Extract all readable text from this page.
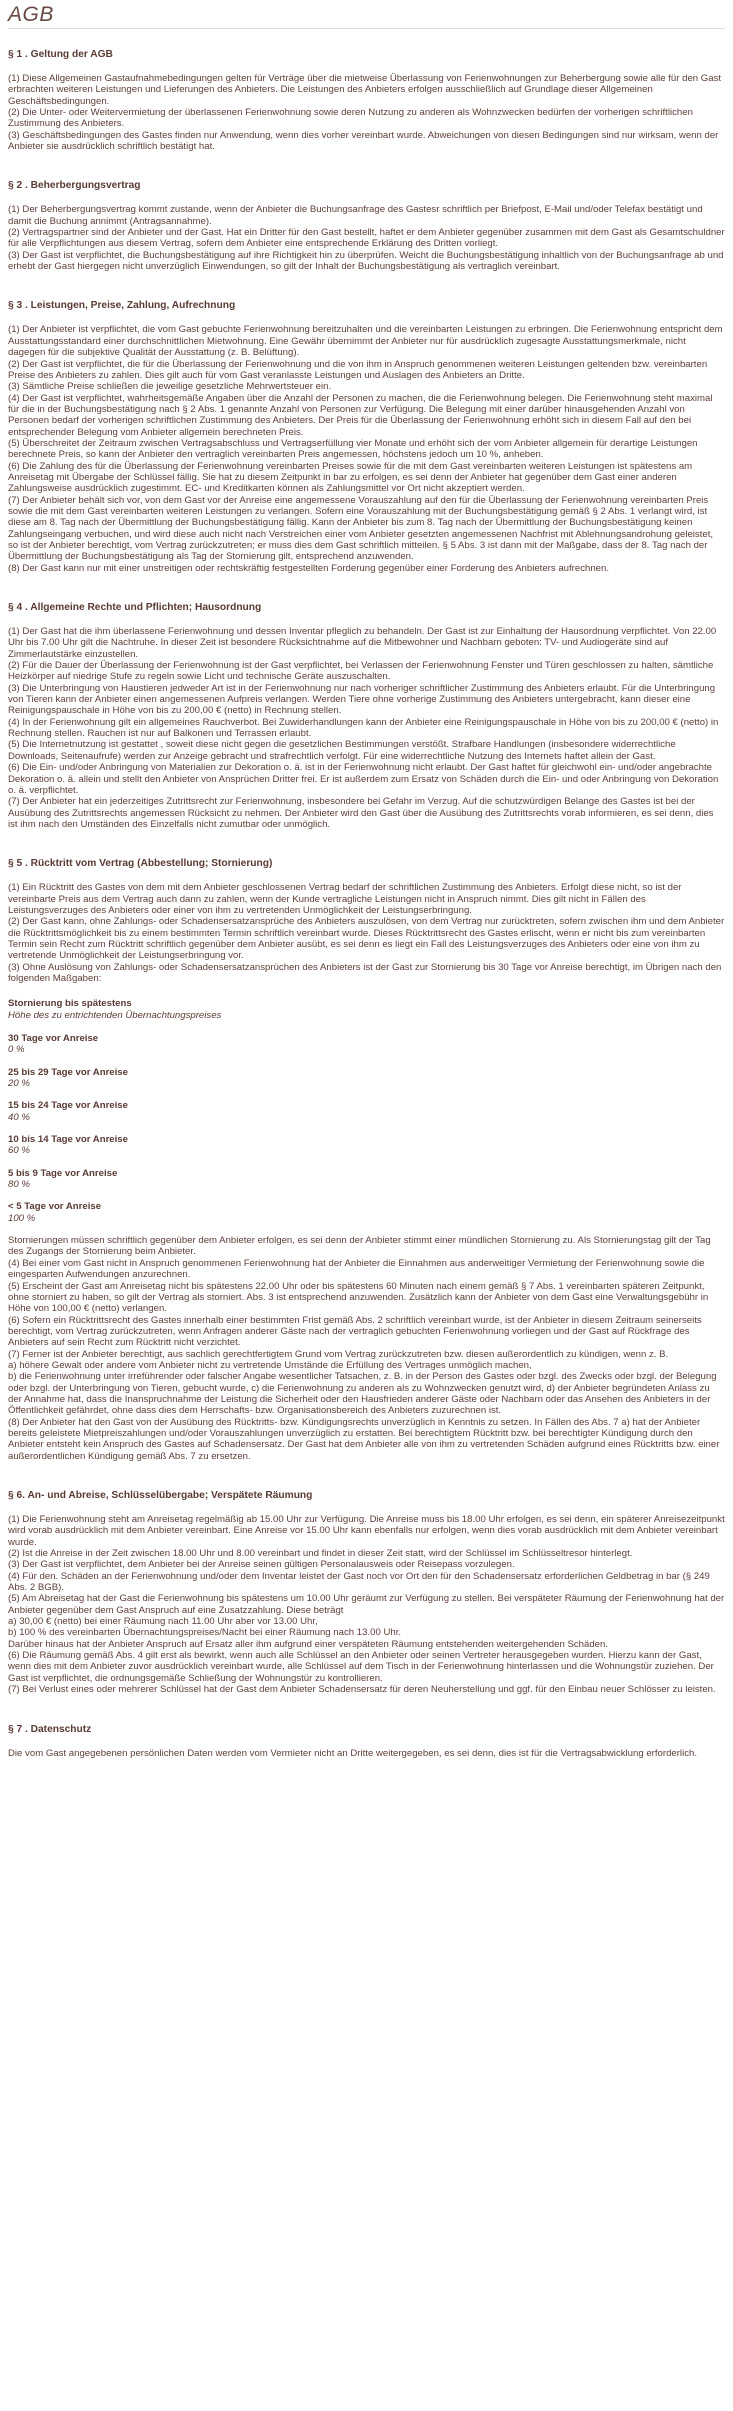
AGB
§ 1 . Geltung der AGB

(1) Diese Allgemeinen Gastaufnahmebedingungen gelten für Verträge über die mietweise Überlassung von Ferienwohnungen zur Beherbergung sowie alle für den Gast erbrachten weiteren Leistungen und Lieferungen des Anbieters. Die Leistungen des Anbieters erfolgen ausschließlich auf Grundlage dieser Allgemeinen Geschäftsbedingungen.

(2) Die Unter- oder Weitervermietung der überlassenen Ferienwohnung sowie deren Nutzung zu anderen als Wohnzwecken bedürfen der vorherigen schriftlichen Zustimmung des Anbieters.

(3) Geschäftsbedingungen des Gastes finden nur Anwendung, wenn dies vorher vereinbart wurde. Abweichungen von diesen Bedingungen sind nur wirksam, wenn der Anbieter sie ausdrücklich schriftlich bestätigt hat.

§ 2 . Beherbergungsvertrag

(1) Der Beherbergungsvertrag kommt zustande, wenn der Anbieter die Buchungsanfrage des Gastesr schriftlich per Briefpost, E-Mail und/oder Telefax bestätigt und damit die Buchung annimmt (Antragsannahme).

(2) Vertragspartner sind der Anbieter und der Gast. Hat ein Dritter für den Gast bestellt, haftet er dem Anbieter gegenüber zusammen mit dem Gast als Gesamtschuldner für alle Verpflichtungen aus diesem Vertrag, sofern dem Anbieter eine entsprechende Erklärung des Dritten vorliegt.

(3) Der Gast ist verpflichtet, die Buchungsbestätigung auf ihre Richtigkeit hin zu überprüfen. Weicht die Buchungsbestätigung inhaltlich von der Buchungsanfrage ab und erhebt der Gast hiergegen nicht unverzüglich Einwendungen, so gilt der Inhalt der Buchungsbestätigung als vertraglich vereinbart.

§ 3 . Leistungen, Preise, Zahlung, Aufrechnung

(1) Der Anbieter ist verpflichtet, die vom Gast gebuchte Ferienwohnung bereitzuhalten und die vereinbarten Leistungen zu erbringen. Die Ferienwohnung entspricht dem Ausstattungsstandard einer durchschnittlichen Mietwohnung. Eine Gewähr übernimmt der Anbieter nur für ausdrücklich zugesagte Ausstattungsmerkmale, nicht dagegen für die subjektive Qualität der Ausstattung (z. B. Belüftung).

(2) Der Gast ist verpflichtet, die für die Überlassung der Ferienwohnung und die von ihm in Anspruch genommenen weiteren Leistungen geltenden bzw. vereinbarten Preise des Anbieters zu zahlen. Dies gilt auch für vom Gast veranlasste Leistungen und Auslagen des Anbieters an Dritte.

(3) Sämtliche Preise schließen die jeweilige gesetzliche Mehrwertsteuer ein.

(4) Der Gast ist verpflichtet, wahrheitsgemäße Angaben über die Anzahl der Personen zu machen, die die Ferienwohnung belegen. Die Ferienwohnung steht maximal für die in der Buchungsbestätigung nach § 2 Abs. 1 genannte Anzahl von Personen zur Verfügung. Die Belegung mit einer darüber hinausgehenden Anzahl von Personen bedarf der vorherigen schriftlichen Zustimmung des Anbieters. Der Preis für die Überlassung der Ferienwohnung erhöht sich in diesem Fall auf den bei entsprechender Belegung vom Anbieter allgemein berechneten Preis.

(5) Überschreitet der Zeitraum zwischen Vertragsabschluss und Vertragserfüllung vier Monate und erhöht sich der vom Anbieter allgemein für derartige Leistungen berechnete Preis, so kann der Anbieter den vertraglich vereinbarten Preis angemessen, höchstens jedoch um 10 %, anheben.

(6) Die Zahlung des für die Überlassung der Ferienwohnung vereinbarten Preises sowie für die mit dem Gast vereinbarten weiteren Leistungen ist spätestens am Anreisetag mit Übergabe der Schlüssel fällig. Sie hat zu diesem Zeitpunkt in bar zu erfolgen, es sei denn der Anbieter hat gegenüber dem Gast einer anderen Zahlungsweise ausdrücklich zugestimmt. EC- und Kreditkarten können als Zahlungsmittel vor Ort nicht akzeptiert werden.

(7) Der Anbieter behält sich vor, von dem Gast vor der Anreise eine angemessene Vorauszahlung auf den für die Überlassung der Ferienwohnung vereinbarten Preis sowie die mit dem Gast vereinbarten weiteren Leistungen zu verlangen. Sofern eine Vorauszahlung mit der Buchungsbestätigung gemäß § 2 Abs. 1 verlangt wird, ist diese am 8. Tag nach der Übermittlung der Buchungsbestätigung fällig. Kann der Anbieter bis zum 8. Tag nach der Übermittlung der Buchungsbestätigung keinen Zahlungseingang verbuchen, und wird diese auch nicht nach Verstreichen einer vom Anbieter gesetzten angemessenen Nachfrist mit Ablehnungsandrohung geleistet, so ist der Anbieter berechtigt, vom Vertrag zurückzutreten; er muss dies dem Gast schriftlich mitteilen. § 5 Abs. 3 ist dann mit der Maßgabe, dass der 8. Tag nach der Übermittlung der Buchungsbestätigung als Tag der Stornierung gilt, entsprechend anzuwenden.

(8) Der Gast kann nur mit einer unstreitigen oder rechtskräftig festgestellten Forderung gegenüber einer Forderung des Anbieters aufrechnen.

§ 4 . Allgemeine Rechte und Pflichten; Hausordnung

(1) Der Gast hat die ihm überlassene Ferienwohnung und dessen Inventar pfleglich zu behandeln. Der Gast ist zur Einhaltung der Hausordnung verpflichtet. Von 22.00 Uhr bis 7.00 Uhr gilt die Nachtruhe. In dieser Zeit ist besondere Rücksichtnahme auf die Mitbewohner und Nachbarn geboten: TV- und Audiogeräte sind auf Zimmerlautstärke einzustellen.

(2) Für die Dauer der Überlassung der Ferienwohnung ist der Gast verpflichtet, bei Verlassen der Ferienwohnung Fenster und Türen geschlossen zu halten, sämtliche Heizkörper auf niedrige Stufe zu regeln sowie Licht und technische Geräte auszuschalten.

(3) Die Unterbringung von Haustieren jedweder Art ist in der Ferienwohnung nur nach vorheriger schriftlicher Zustimmung des Anbieters erlaubt. Für die Unterbringung von Tieren kann der Anbieter einen angemessenen Aufpreis verlangen. Werden Tiere ohne vorherige Zustimmung des Anbieters untergebracht, kann dieser eine Reinigungspauschale in Höhe von bis zu 200,00 € (netto) in Rechnung stellen.

(4) In der Ferienwohnung gilt ein allgemeines Rauchverbot. Bei Zuwiderhandlungen kann der Anbieter eine Reinigungspauschale in Höhe von bis zu 200,00 € (netto) in Rechnung stellen. Rauchen ist nur auf Balkonen und Terrassen erlaubt.

(5) Die Internetnutzung ist gestattet , soweit diese nicht gegen die gesetzlichen Bestimmungen verstößt. Strafbare Handlungen (insbesondere widerrechtliche Downloads, Seitenaufrufe) werden zur Anzeige gebracht und strafrechtlich verfolgt. Für eine widerrechtliche Nutzung des Internets haftet allein der Gast.

(6) Die Ein- und/oder Anbringung von Materialien zur Dekoration o. ä. ist in der Ferienwohnung nicht erlaubt. Der Gast haftet für gleichwohl ein- und/oder angebrachte Dekoration o. ä. allein und stellt den Anbieter von Ansprüchen Dritter frei. Er ist außerdem zum Ersatz von Schäden durch die Ein- und oder Anbringung von Dekoration o. ä. verpflichtet.

(7) Der Anbieter hat ein jederzeitiges Zutrittsrecht zur Ferienwohnung, insbesondere bei Gefahr im Verzug. Auf die schutzwürdigen Belange des Gastes ist bei der Ausübung des Zutrittsrechts angemessen Rücksicht zu nehmen. Der Anbieter wird den Gast über die Ausübung des Zutrittsrechts vorab informieren, es sei denn, dies ist ihm nach den Umständen des Einzelfalls nicht zumutbar oder unmöglich.

§ 5 . Rücktritt vom Vertrag (Abbestellung; Stornierung)

(1) Ein Rücktritt des Gastes von dem mit dem Anbieter geschlossenen Vertrag bedarf der schriftlichen Zustimmung des Anbieters. Erfolgt diese nicht, so ist der vereinbarte Preis aus dem Vertrag auch dann zu zahlen, wenn der Kunde vertragliche Leistungen nicht in Anspruch nimmt. Dies gilt nicht in Fällen des Leistungsverzuges des Anbieters oder einer von ihm zu vertretenden Unmöglichkeit der Leistungserbringung.

(2) Der Gast kann, ohne Zahlungs- oder Schadensersatzansprüche des Anbieters auszulösen, von dem Vertrag nur zurücktreten, sofern zwischen ihm und dem Anbieter die Rücktrittsmöglichkeit bis zu einem bestimmten Termin schriftlich vereinbart wurde. Dieses Rücktrittsrecht des Gastes erlischt, wenn er nicht bis zum vereinbarten Termin sein Recht zum Rücktritt schriftlich gegenüber dem Anbieter ausübt, es sei denn es liegt ein Fall des Leistungsverzuges des Anbieters oder eine von ihm zu vertretende Unmöglichkeit der Leistungserbringung vor.

(3) Ohne Auslösung von Zahlungs- oder Schadensersatzansprüchen des Anbieters ist der Gast zur Stornierung bis 30 Tage vor Anreise berechtigt, im Übrigen nach den folgenden Maßgaben:

Stornierung bis spätestens

Höhe des zu entrichtenden Übernachtungspreises

30 Tage vor Anreise

0 %

25 bis 29 Tage vor Anreise

20 %

15 bis 24 Tage vor Anreise

40 %

10 bis 14 Tage vor Anreise

60 %

5 bis 9 Tage vor Anreise

80 %

< 5 Tage vor Anreise

100 %

Stornierungen müssen schriftlich gegenüber dem Anbieter erfolgen, es sei denn der Anbieter stimmt einer mündlichen Stornierung zu. Als Stornierungstag gilt der Tag des Zugangs der Stornierung beim Anbieter.

(4) Bei einer vom Gast nicht in Anspruch genommenen Ferienwohnung hat der Anbieter die Einnahmen aus anderweitiger Vermietung der Ferienwohnung sowie die eingesparten Aufwendungen anzurechnen.

(5) Erscheint der Gast am Anreisetag nicht bis spätestens 22.00 Uhr oder bis spätestens 60 Minuten nach einem gemäß § 7 Abs. 1 vereinbarten späteren Zeitpunkt, ohne storniert zu haben, so gilt der Vertrag als storniert. Abs. 3 ist entsprechend anzuwenden. Zusätzlich kann der Anbieter von dem Gast eine Verwaltungsgebühr in Höhe von 100,00 € (netto) verlangen.

(6) Sofern ein Rücktrittsrecht des Gastes innerhalb einer bestimmten Frist gemäß Abs. 2 schriftlich vereinbart wurde, ist der Anbieter in diesem Zeitraum seinerseits berechtigt, vom Vertrag zurückzutreten, wenn Anfragen anderer Gäste nach der vertraglich gebuchten Ferienwohnung vorliegen und der Gast auf Rückfrage des Anbieters auf sein Recht zum Rücktritt nicht verzichtet.

(7) Ferner ist der Anbieter berechtigt, aus sachlich gerechtfertigtem Grund vom Vertrag zurückzutreten bzw. diesen außerordentlich zu kündigen, wenn z. B.

a) höhere Gewalt oder andere vom Anbieter nicht zu vertretende Umstände die Erfüllung des Vertrages unmöglich machen,

b) die Ferienwohnung unter irreführender oder falscher Angabe wesentlicher Tatsachen, z. B. in der Person des Gastes oder bzgl. des Zwecks oder bzgl. der Belegung oder bzgl. der Unterbringung von Tieren, gebucht wurde, c) die Ferienwohnung zu anderen als zu Wohnzwecken genutzt wird, d) der Anbieter begründeten Anlass zu der Annahme hat, dass die Inanspruchnahme der Leistung die Sicherheit oder den Hausfrieden anderer Gäste oder Nachbarn oder das Ansehen des Anbieters in der Öffentlichkeit gefährdet, ohne dass dies dem Herrschafts- bzw. Organisationsbereich des Anbieters zuzurechnen ist.

(8) Der Anbieter hat den Gast von der Ausübung des Rücktritts- bzw. Kündigungsrechts unverzüglich in Kenntnis zu setzen. In Fällen des Abs. 7 a) hat der Anbieter bereits geleistete Mietpreiszahlungen und/oder Vorauszahlungen unverzüglich zu erstatten. Bei berechtigtem Rücktritt bzw. bei berechtigter Kündigung durch den Anbieter entsteht kein Anspruch des Gastes auf Schadensersatz. Der Gast hat dem Anbieter alle von ihm zu vertretenden Schäden aufgrund eines Rücktritts bzw. einer außerordentlichen Kündigung gemäß Abs. 7 zu ersetzen.

§ 6. An- und Abreise, Schlüsselübergabe; Verspätete Räumung

(1) Die Ferienwohnung steht am Anreisetag regelmäßig ab 15.00 Uhr zur Verfügung. Die Anreise muss bis 18.00 Uhr erfolgen, es sei denn, ein späterer Anreisezeitpunkt wird vorab ausdrücklich mit dem Anbieter vereinbart. Eine Anreise vor 15.00 Uhr kann ebenfalls nur erfolgen, wenn dies vorab ausdrücklich mit dem Anbieter vereinbart wurde.

(2) Ist die Anreise in der Zeit zwischen 18.00 Uhr und 8.00 vereinbart und findet in dieser Zeit statt, wird der Schlüssel im Schlüsseltresor hinterlegt.

(3) Der Gast ist verpflichtet, dem Anbieter bei der Anreise seinen gültigen Personalausweis oder Reisepass vorzulegen.

(4) Für den. Schäden an der Ferienwohnung und/oder dem Inventar leistet der Gast noch vor Ort den für den Schadensersatz erforderlichen Geldbetrag in bar (§ 249 Abs. 2 BGB).

(5) Am Abreisetag hat der Gast die Ferienwohnung bis spätestens um 10.00 Uhr geräumt zur Verfügung zu stellen. Bei verspäteter Räumung der Ferienwohnung hat der Anbieter gegenüber dem Gast Anspruch auf eine Zusatzzahlung. Diese beträgt

a) 30,00 € (netto) bei einer Räumung nach 11.00 Uhr aber vor 13.00 Uhr,

b) 100 % des vereinbarten Übernachtungspreises/Nacht bei einer Räumung nach 13.00 Uhr.

Darüber hinaus hat der Anbieter Anspruch auf Ersatz aller ihm aufgrund einer verspäteten Räumung entstehenden weitergehenden Schäden.

(6) Die Räumung gemäß Abs. 4 gilt erst als bewirkt, wenn auch alle Schlüssel an den Anbieter oder seinen Vertreter herausgegeben wurden. Hierzu kann der Gast, wenn dies mit dem Anbieter zuvor ausdrücklich vereinbart wurde, alle Schlüssel auf dem Tisch in der Ferienwohnung hinterlassen und die Wohnungstür zuziehen. Der Gast ist verpflichtet, die ordnungsgemäße Schließung der Wohnungstür zu kontrollieren.

(7) Bei Verlust eines oder mehrerer Schlüssel hat der Gast dem Anbieter Schadensersatz für deren Neuherstellung und ggf. für den Einbau neuer Schlösser zu leisten.

§ 7 . Datenschutz

Die vom Gast angegebenen persönlichen Daten werden vom Vermieter nicht an Dritte weitergegeben, es sei denn, dies ist für die Vertragsabwicklung erforderlich.
